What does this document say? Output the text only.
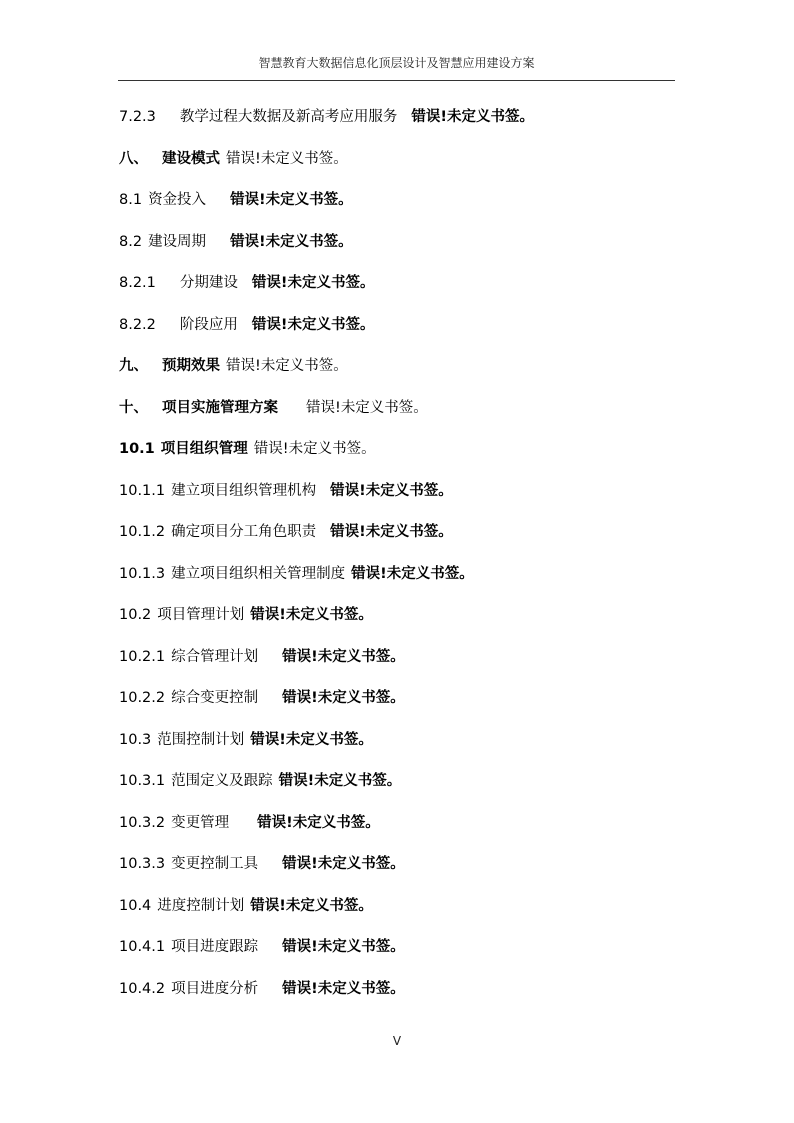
智慧教育大数据信息化顶层设计及智慧应用建设方案
7.2.3 教学过程大数据及新高考应用服务 错误!未定义书签。
八、 建设模式 错误!未定义书签。
8.1 资金投入 错误!未定义书签。
8.2 建设周期 错误!未定义书签。
8.2.1 分期建设 错误!未定义书签。
8.2.2 阶段应用 错误!未定义书签。
九、 预期效果 错误!未定义书签。
十、 项目实施管理方案 错误!未定义书签。
10.1 项目组织管理 错误!未定义书签。
10.1.1 建立项目组织管理机构 错误!未定义书签。
10.1.2 确定项目分工角色职责 错误!未定义书签。
10.1.3 建立项目组织相关管理制度 错误!未定义书签。
10.2 项目管理计划 错误!未定义书签。
10.2.1 综合管理计划 错误!未定义书签。
10.2.2 综合变更控制 错误!未定义书签。
10.3 范围控制计划 错误!未定义书签。
10.3.1 范围定义及跟踪 错误!未定义书签。
10.3.2 变更管理 错误!未定义书签。
10.3.3 变更控制工具 错误!未定义书签。
10.4 进度控制计划 错误!未定义书签。
10.4.1 项目进度跟踪 错误!未定义书签。
10.4.2 项目进度分析 错误!未定义书签。
V
